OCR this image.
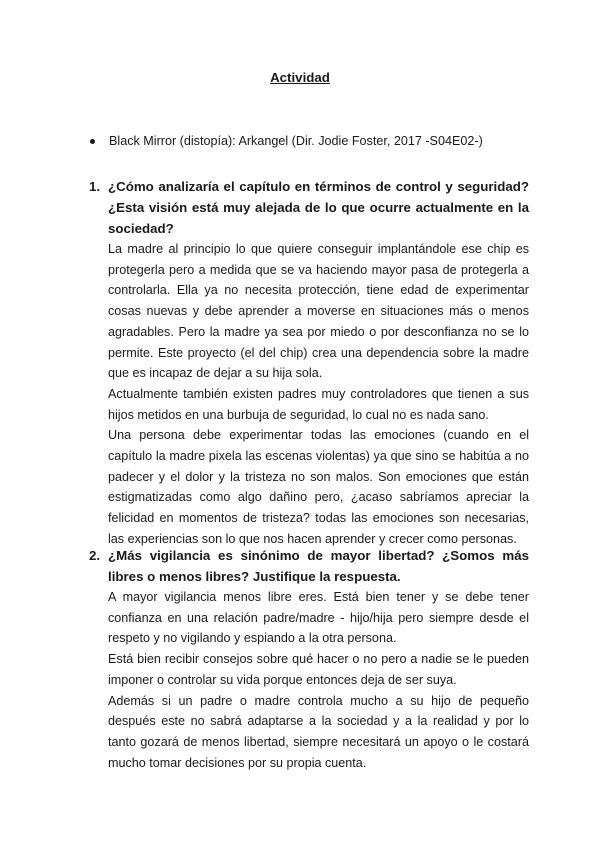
Actividad
Black Mirror (distopía): Arkangel (Dir. Jodie Foster, 2017 -S04E02-)
1. ¿Cómo analizaría el capítulo en términos de control y seguridad? ¿Esta visión está muy alejada de lo que ocurre actualmente en la sociedad?

La madre al principio lo que quiere conseguir implantándole ese chip es protegerla pero a medida que se va haciendo mayor pasa de protegerla a controlarla. Ella ya no necesita protección, tiene edad de experimentar cosas nuevas y debe aprender a moverse en situaciones más o menos agradables. Pero la madre ya sea por miedo o por desconfianza no se lo permite. Este proyecto (el del chip) crea una dependencia sobre la madre que es incapaz de dejar a su hija sola.

Actualmente también existen padres muy controladores que tienen a sus hijos metidos en una burbuja de seguridad, lo cual no es nada sano.

Una persona debe experimentar todas las emociones (cuando en el capítulo la madre pixela las escenas violentas) ya que sino se habitúa a no padecer y el dolor y la tristeza no son malos. Son emociones que están estigmatizadas como algo dañino pero, ¿acaso sabríamos apreciar la felicidad en momentos de tristeza? todas las emociones son necesarias, las experiencias son lo que nos hacen aprender y crecer como personas.

2. ¿Más vigilancia es sinónimo de mayor libertad? ¿Somos más libres o menos libres? Justifique la respuesta.

A mayor vigilancia menos libre eres. Está bien tener y se debe tener confianza en una relación padre/madre - hijo/hija pero siempre desde el respeto y no vigilando y espiando a la otra persona.

Está bien recibir consejos sobre qué hacer o no pero a nadie se le pueden imponer o controlar su vida porque entonces deja de ser suya.

Además si un padre o madre controla mucho a su hijo de pequeño después este no sabrá adaptarse a la sociedad y a la realidad y por lo tanto gozará de menos libertad, siempre necesitará un apoyo o le costará mucho tomar decisiones por su propia cuenta.
